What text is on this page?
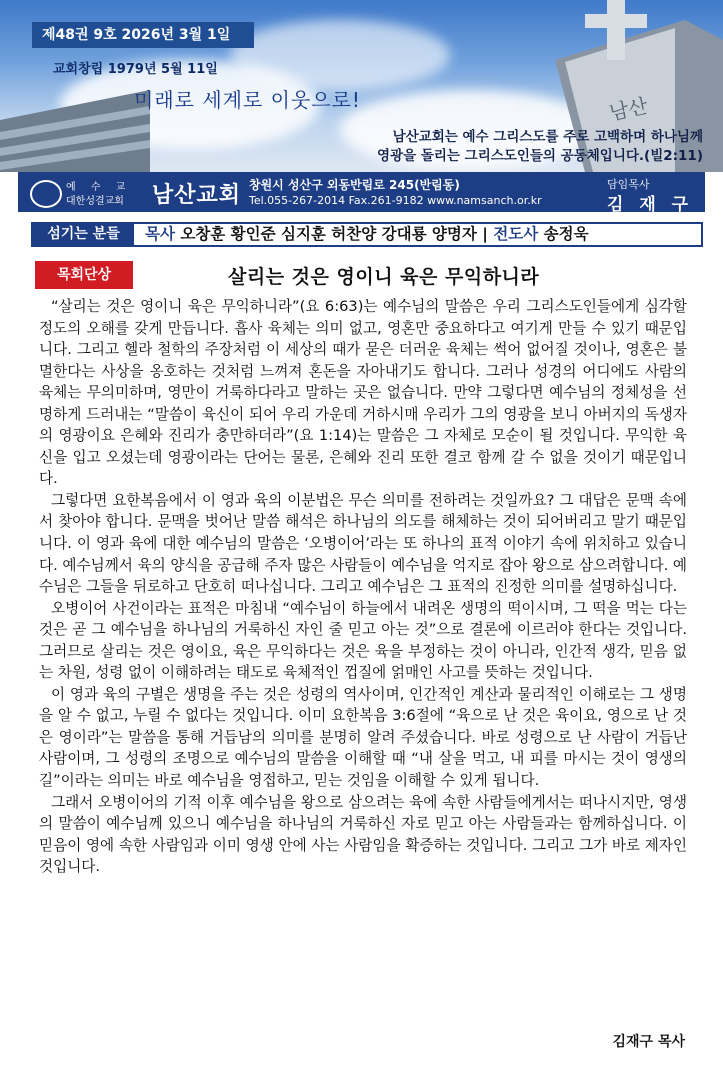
남산
제48권 9호 2026년 3월 1일
교회창립 1979년 5월 11일
미래로 세계로 이웃으로!
남산교회는 예수 그리스도를 주로 고백하며 하나님께
영광을 돌리는 그리스도인들의 공동체입니다.(빌2:11)
예 수 교
대한성결교회 남산교회 창원시 성산구 외동반림로 245(반림동)
Tel.055-267-2014 Fax.261-9182 www.namsanch.or.kr
담임목사
김 재 구
섬기는 분들	목사 오창훈 황인준 심지훈 허찬양 강대룡 양명자 | 전도사 송정욱
목회단상	살리는 것은 영이니 육은 무익하니라

“살리는 것은 영이니 육은 무익하니라”(요 6:63)는 예수님의 말씀은 우리 그리스도인들에게 심각할 정도의 오해를 갖게 만듭니다. 흡사 육체는 의미 없고, 영혼만 중요하다고 여기게 만들 수 있기 때문입니다. 그리고 헬라 철학의 주장처럼 이 세상의 때가 묻은 더러운 육체는 썩어 없어질 것이나, 영혼은 불멸한다는 사상을 옹호하는 것처럼 느껴져 혼돈을 자아내기도 합니다. 그러나 성경의 어디에도 사람의 육체는 무의미하며, 영만이 거룩하다라고 말하는 곳은 없습니다. 만약 그렇다면 예수님의 정체성을 선명하게 드러내는 “말씀이 육신이 되어 우리 가운데 거하시매 우리가 그의 영광을 보니 아버지의 독생자의 영광이요 은혜와 진리가 충만하더라”(요 1:14)는 말씀은 그 자체로 모순이 될 것입니다. 무익한 육신을 입고 오셨는데 영광이라는 단어는 물론, 은혜와 진리 또한 결코 함께 갈 수 없을 것이기 때문입니다.

그렇다면 요한복음에서 이 영과 육의 이분법은 무슨 의미를 전하려는 것일까요? 그 대답은 문맥 속에서 찾아야 합니다. 문맥을 벗어난 말씀 해석은 하나님의 의도를 해체하는 것이 되어버리고 말기 때문입니다. 이 영과 육에 대한 예수님의 말씀은 ‘오병이어’라는 또 하나의 표적 이야기 속에 위치하고 있습니다. 예수님께서 육의 양식을 공급해 주자 많은 사람들이 예수님을 억지로 잡아 왕으로 삼으려합니다. 예수님은 그들을 뒤로하고 단호히 떠나십니다. 그리고 예수님은 그 표적의 진정한 의미를 설명하십니다.

오병이어 사건이라는 표적은 마침내 “예수님이 하늘에서 내려온 생명의 떡이시며, 그 떡을 먹는 다는 것은 곧 그 예수님을 하나님의 거룩하신 자인 줄 믿고 아는 것”으로 결론에 이르러야 한다는 것입니다. 그러므로 살리는 것은 영이요, 육은 무익하다는 것은 육을 부정하는 것이 아니라, 인간적 생각, 믿음 없는 차원, 성령 없이 이해하려는 태도로 육체적인 껍질에 얽매인 사고를 뜻하는 것입니다.

이 영과 육의 구별은 생명을 주는 것은 성령의 역사이며, 인간적인 계산과 물리적인 이해로는 그 생명을 알 수 없고, 누릴 수 없다는 것입니다. 이미 요한복음 3:6절에 “육으로 난 것은 육이요, 영으로 난 것은 영이라”는 말씀을 통해 거듭남의 의미를 분명히 알려 주셨습니다. 바로 성령으로 난 사람이 거듭난 사람이며, 그 성령의 조명으로 예수님의 말씀을 이해할 때 “내 살을 먹고, 내 피를 마시는 것이 영생의 길”이라는 의미는 바로 예수님을 영접하고, 믿는 것임을 이해할 수 있게 됩니다.

그래서 오병이어의 기적 이후 예수님을 왕으로 삼으려는 육에 속한 사람들에게서는 떠나시지만, 영생의 말씀이 예수님께 있으니 예수님을 하나님의 거룩하신 자로 믿고 아는 사람들과는 함께하십니다. 이 믿음이 영에 속한 사람임과 이미 영생 안에 사는 사람임을 확증하는 것입니다. 그리고 그가 바로 제자인 것입니다.

김재구 목사
